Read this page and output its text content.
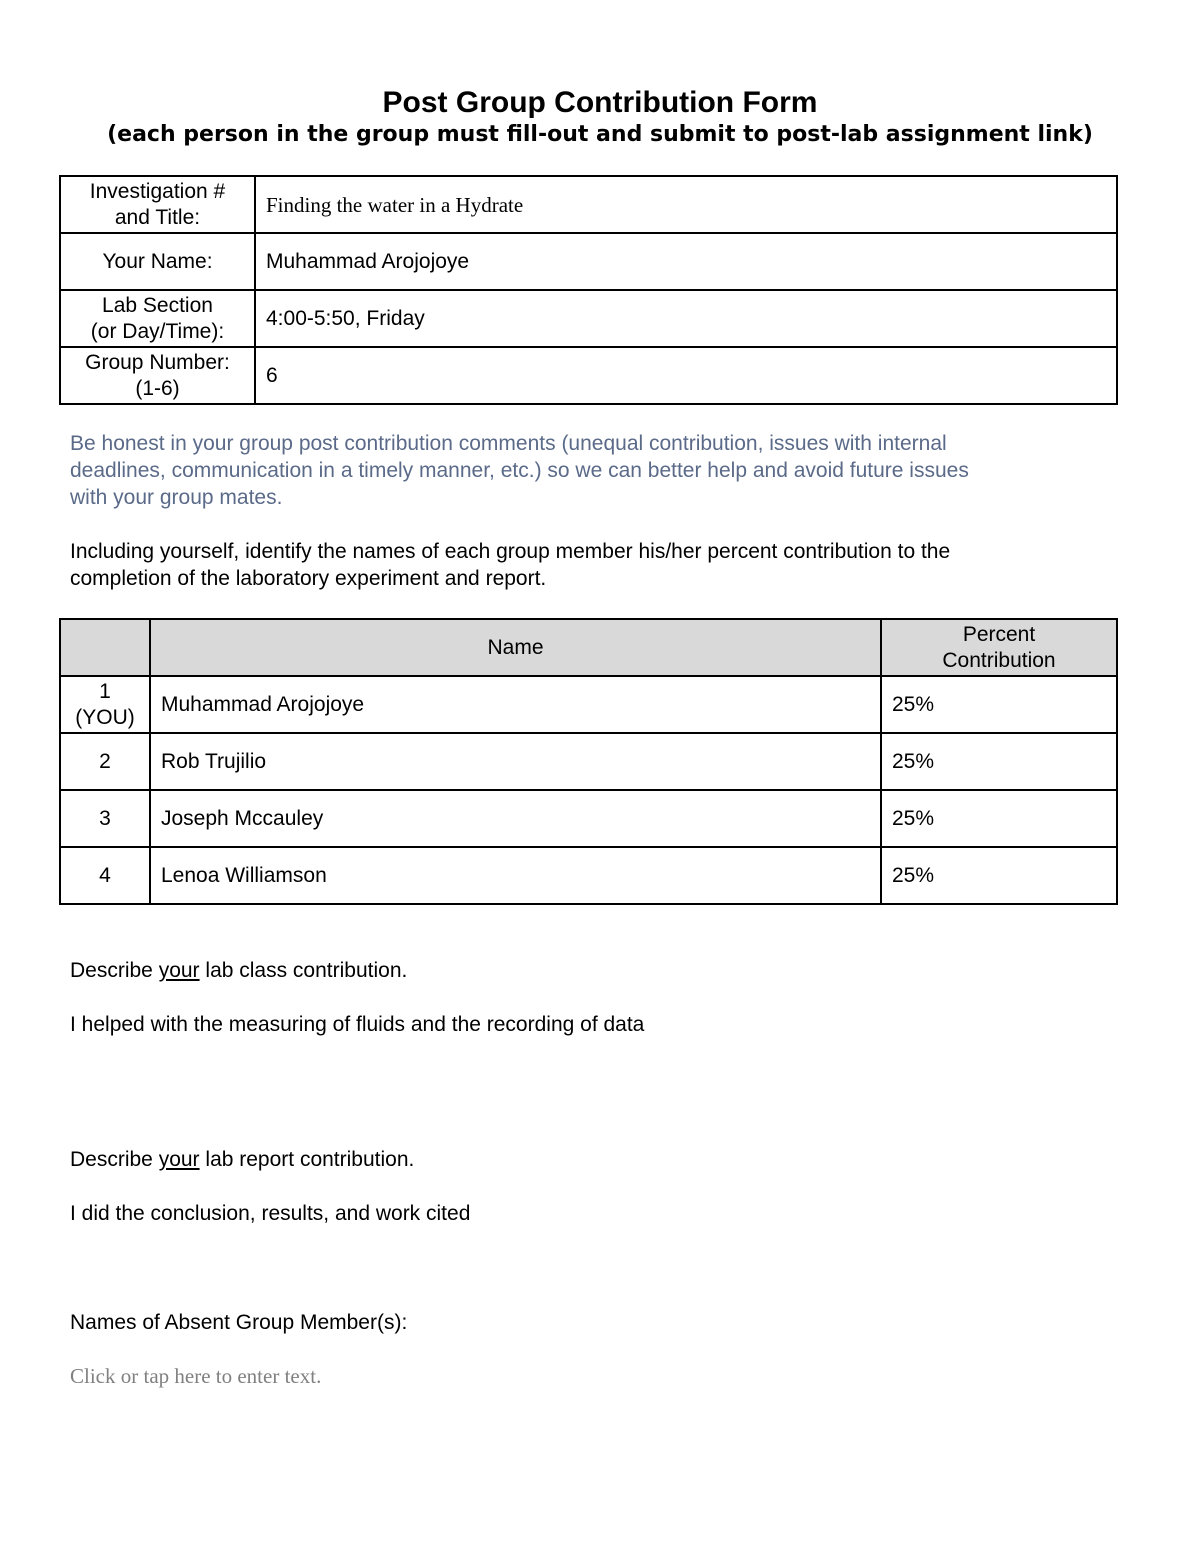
Post Group Contribution Form
(each person in the group must fill-out and submit to post-lab assignment link)
Investigation #
and Title:	Finding the water in a Hydrate
Your Name:	Muhammad Arojojoye

Lab Section
(or Day/Time):	4:00-5:50, Friday

Group Number:
(1-6)	6
Be honest in your group post contribution comments (unequal contribution, issues with internal
deadlines, communication in a timely manner, etc.) so we can better help and avoid future issues
with your group mates.
Including yourself, identify the names of each group member his/her percent contribution to the
completion of the laboratory experiment and report.
	Name	Percent
Contribution

1
(YOU)	Muhammad Arojojoye	25%
2	Rob Trujilio	25%
3	Joseph Mccauley	25%
4	Lenoa Williamson	25%
Describe your lab class contribution.
I helped with the measuring of fluids and the recording of data
Describe your lab report contribution.
I did the conclusion, results, and work cited
Names of Absent Group Member(s):
Click or tap here to enter text.
